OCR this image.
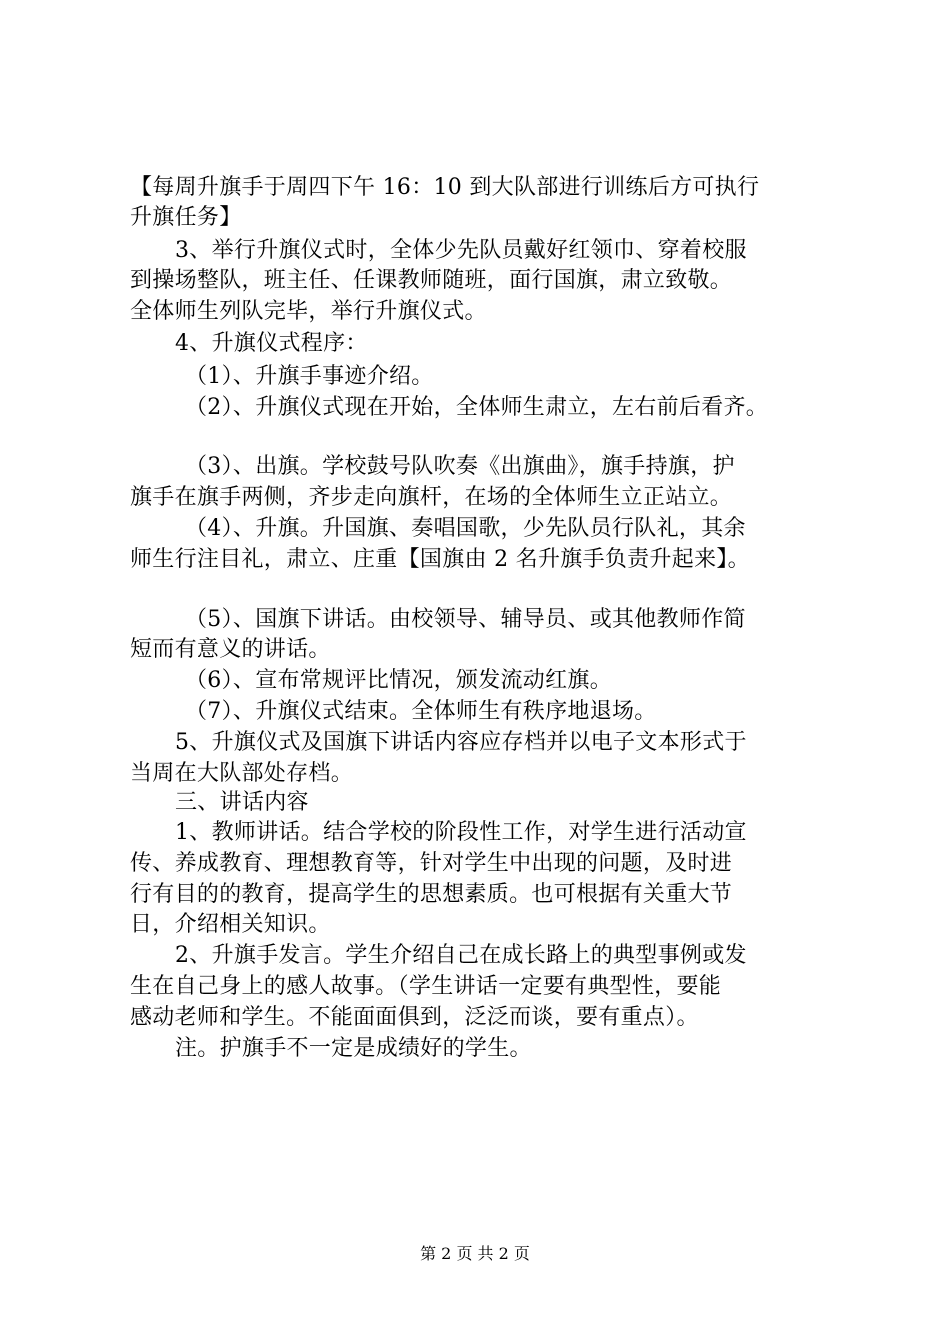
【每周升旗手于周四下午 16：10 到大队部进行训练后方可执行
升旗任务】
3、举行升旗仪式时，全体少先队员戴好红领巾、穿着校服
到操场整队，班主任、任课教师随班，面行国旗，肃立致敬。
全体师生列队完毕，举行升旗仪式。
4、升旗仪式程序：
（1）、升旗手事迹介绍。
（2）、升旗仪式现在开始，全体师生肃立，左右前后看齐。
（3）、出旗。学校鼓号队吹奏《出旗曲》，旗手持旗，护
旗手在旗手两侧，齐步走向旗杆，在场的全体师生立正站立。
（4）、升旗。升国旗、奏唱国歌，少先队员行队礼，其余
师生行注目礼，肃立、庄重【国旗由 2 名升旗手负责升起来】。
（5）、国旗下讲话。由校领导、辅导员、或其他教师作简
短而有意义的讲话。
（6）、宣布常规评比情况，颁发流动红旗。
（7）、升旗仪式结束。全体师生有秩序地退场。
5、升旗仪式及国旗下讲话内容应存档并以电子文本形式于
当周在大队部处存档。
三、讲话内容
1、教师讲话。结合学校的阶段性工作，对学生进行活动宣
传、养成教育、理想教育等，针对学生中出现的问题，及时进
行有目的的教育，提高学生的思想素质。也可根据有关重大节
日，介绍相关知识。
2、升旗手发言。学生介绍自己在成长路上的典型事例或发
生在自己身上的感人故事。（学生讲话一定要有典型性，要能
感动老师和学生。不能面面俱到，泛泛而谈，要有重点）。
注。护旗手不一定是成绩好的学生。
第 2 页 共 2 页
